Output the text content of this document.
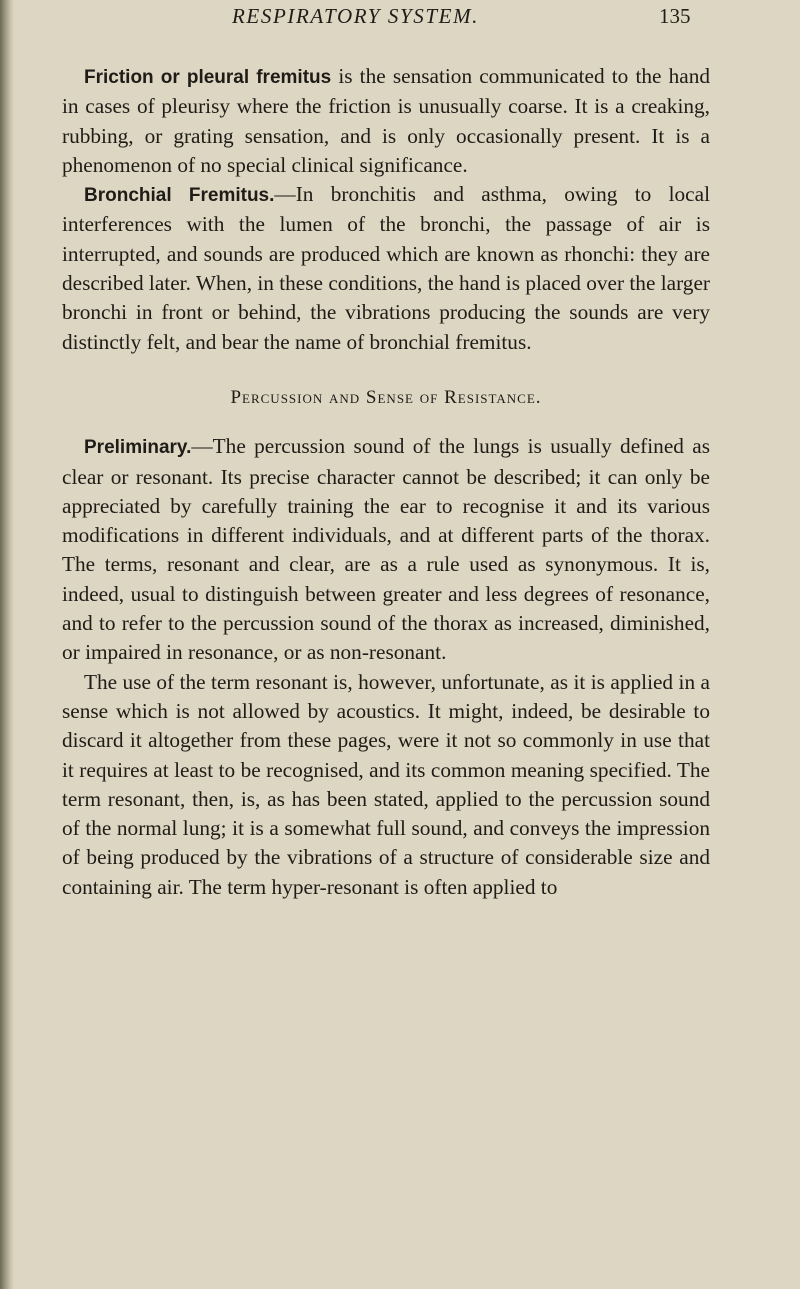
RESPIRATORY SYSTEM.	135

Friction or pleural fremitus is the sensation communicated to the hand in cases of pleurisy where the friction is unusually coarse. It is a creaking, rubbing, or grating sensation, and is only occasionally present. It is a phenomenon of no special clinical significance.

Bronchial Fremitus.—In bronchitis and asthma, owing to local interferences with the lumen of the bronchi, the passage of air is interrupted, and sounds are produced which are known as rhonchi: they are described later. When, in these conditions, the hand is placed over the larger bronchi in front or behind, the vibrations producing the sounds are very distinctly felt, and bear the name of bronchial fremitus.

Percussion and Sense of Resistance.

Preliminary.—The percussion sound of the lungs is usually defined as clear or resonant. Its precise character cannot be described; it can only be appreciated by carefully training the ear to recognise it and its various modifications in different individuals, and at different parts of the thorax. The terms, resonant and clear, are as a rule used as synonymous. It is, indeed, usual to distinguish between greater and less degrees of resonance, and to refer to the percussion sound of the thorax as increased, diminished, or impaired in resonance, or as non-resonant.

The use of the term resonant is, however, unfortunate, as it is applied in a sense which is not allowed by acoustics. It might, indeed, be desirable to discard it altogether from these pages, were it not so commonly in use that it requires at least to be recognised, and its common meaning specified. The term resonant, then, is, as has been stated, applied to the percussion sound of the normal lung; it is a somewhat full sound, and conveys the impression of being produced by the vibrations of a structure of considerable size and containing air. The term hyper-resonant is often applied to
